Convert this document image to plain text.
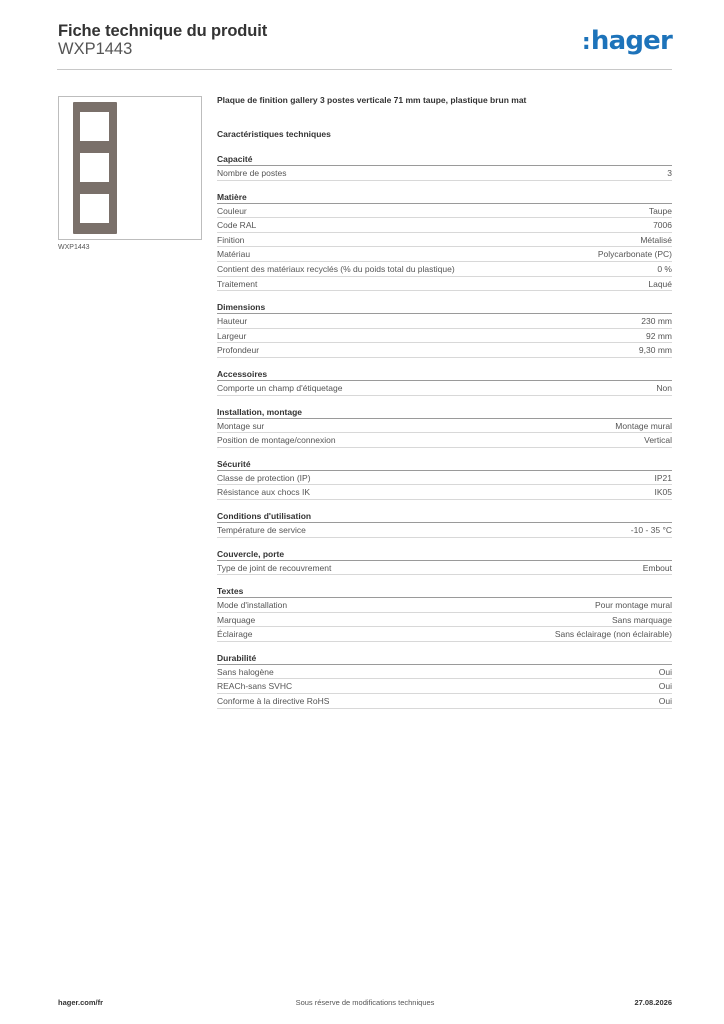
Fiche technique du produit
WXP1443	:hager
WXP1443
Plaque de finition gallery 3 postes verticale 71 mm taupe, plastique brun mat
Caractéristiques techniques
Capacité
Nombre de postes	3
Matière
Couleur	Taupe
Code RAL	7006
Finition	Métalisé
Matériau	Polycarbonate (PC)
Contient des matériaux recyclés (% du poids total du plastique)	0 %
Traitement	Laqué
Dimensions
Hauteur	230 mm
Largeur	92 mm
Profondeur	9,30 mm
Accessoires
Comporte un champ d'étiquetage	Non
Installation, montage
Montage sur	Montage mural
Position de montage/connexion	Vertical
Sécurité
Classe de protection (IP)	IP21
Résistance aux chocs IK	IK05
Conditions d'utilisation
Température de service	-10 - 35 °C
Couvercle, porte
Type de joint de recouvrement	Embout
Textes
Mode d'installation	Pour montage mural
Marquage	Sans marquage
Éclairage	Sans éclairage (non éclairable)
Durabilité
Sans halogène	Oui
REACh-sans SVHC	Oui
Conforme à la directive RoHS	Oui
hager.com/fr	Sous réserve de modifications techniques	27.08.2026
